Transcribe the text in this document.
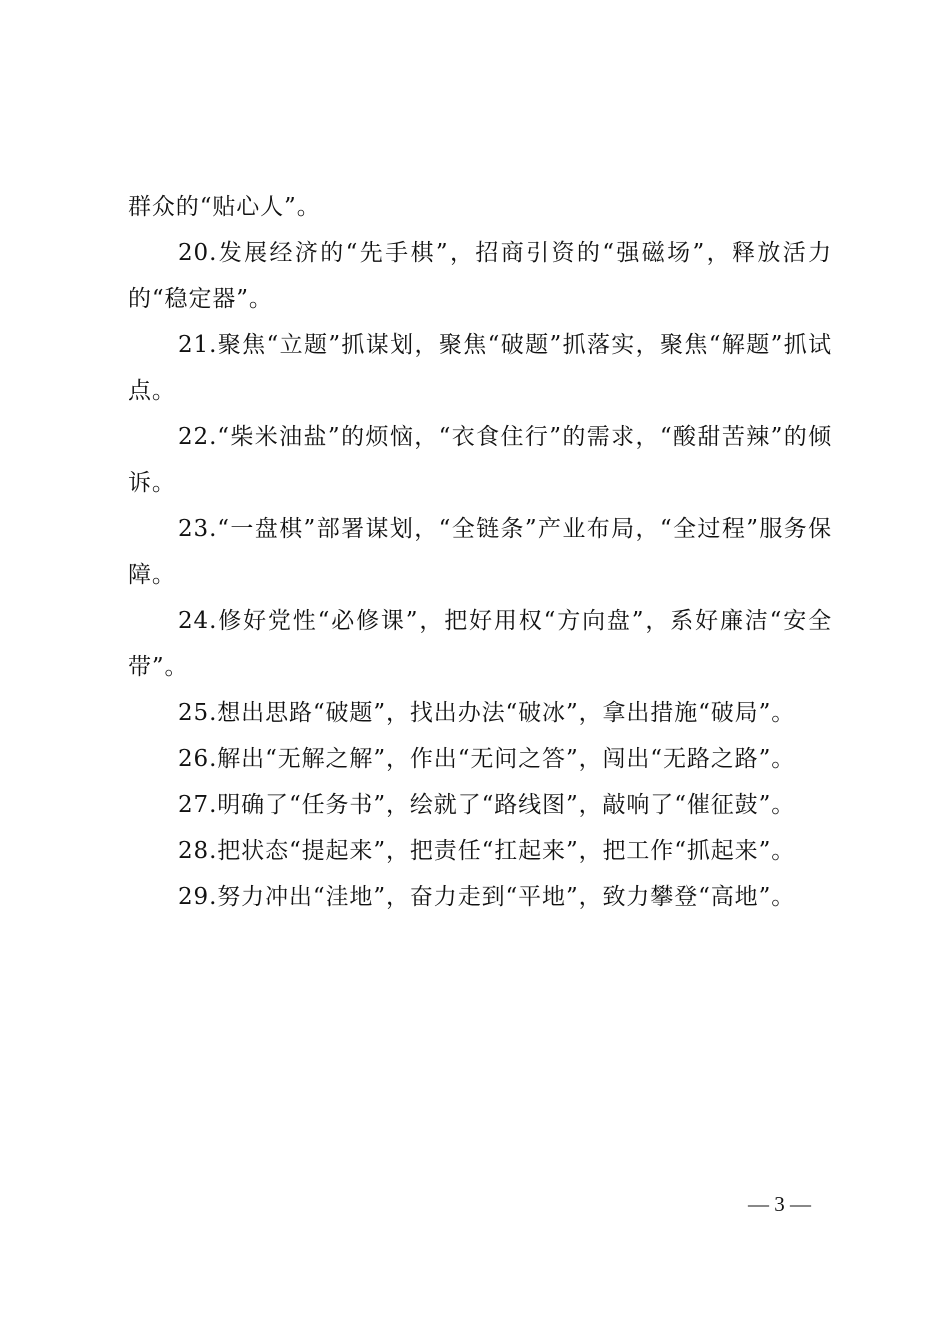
群众的“贴心人”。

20.发展经济的“先手棋”，招商引资的“强磁场”，释放活力的“稳定器”。

21.聚焦“立题”抓谋划，聚焦“破题”抓落实，聚焦“解题”抓试点。

22.“柴米油盐”的烦恼，“衣食住行”的需求，“酸甜苦辣”的倾诉。

23.“一盘棋”部署谋划，“全链条”产业布局，“全过程”服务保障。

24.修好党性“必修课”，把好用权“方向盘”，系好廉洁“安全带”。

25.想出思路“破题”，找出办法“破冰”，拿出措施“破局”。

26.解出“无解之解”，作出“无问之答”，闯出“无路之路”。

27.明确了“任务书”，绘就了“路线图”，敲响了“催征鼓”。

28.把状态“提起来”，把责任“扛起来”，把工作“抓起来”。

29.努力冲出“洼地”，奋力走到“平地”，致力攀登“高地”。

— 3 —
